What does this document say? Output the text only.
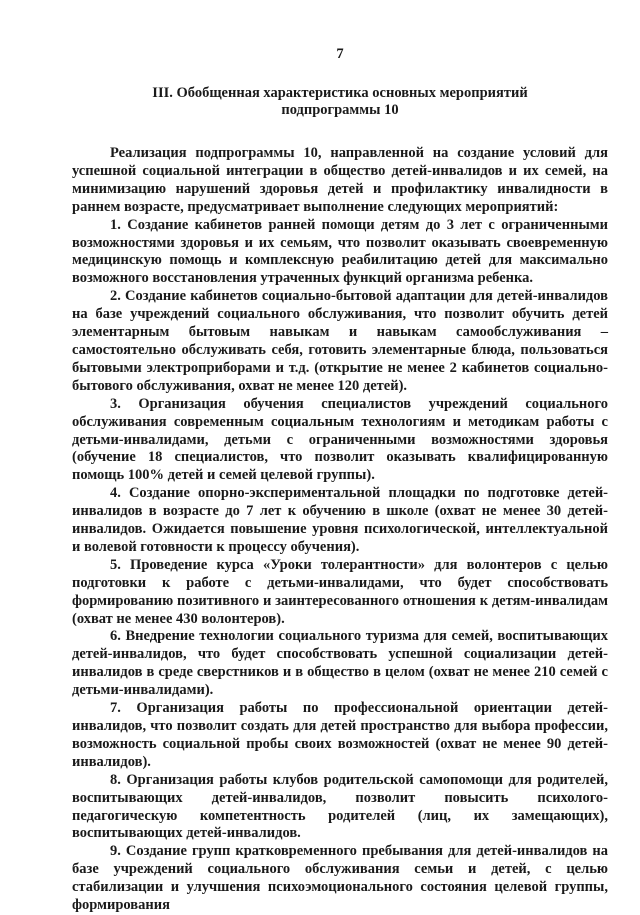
7
III. Обобщенная характеристика основных мероприятий
подпрограммы 10

Реализация подпрограммы 10, направленной на создание условий для успешной социальной интеграции в общество детей-инвалидов и их семей, на минимизацию нарушений здоровья детей и профилактику инвалидности в раннем возрасте, предусматривает выполнение следующих мероприятий:

1. Создание кабинетов ранней помощи детям до 3 лет с ограниченными возможностями здоровья и их семьям, что позволит оказывать своевременную медицинскую помощь и комплексную реабилитацию детей для максимально возможного восстановления утраченных функций организма ребенка.

2. Создание кабинетов социально-бытовой адаптации для детей-инвалидов на базе учреждений социального обслуживания, что позволит обучить детей элементарным бытовым навыкам и навыкам самообслуживания – самостоятельно обслуживать себя, готовить элементарные блюда, пользоваться бытовыми электроприборами и т.д. (открытие не менее 2 кабинетов социально-бытового обслуживания, охват не менее 120 детей).

3. Организация обучения специалистов учреждений социального обслуживания современным социальным технологиям и методикам работы с детьми-инвалидами, детьми с ограниченными возможностями здоровья (обучение 18 специалистов, что позволит оказывать квалифицированную помощь 100% детей и семей целевой группы).

4. Создание опорно-экспериментальной площадки по подготовке детей-инвалидов в возрасте до 7 лет к обучению в школе (охват не менее 30 детей-инвалидов. Ожидается повышение уровня психологической, интеллектуальной и волевой готовности к процессу обучения).

5. Проведение курса «Уроки толерантности» для волонтеров с целью подготовки к работе с детьми-инвалидами, что будет способствовать формированию позитивного и заинтересованного отношения к детям-инвалидам (охват не менее 430 волонтеров).

6. Внедрение технологии социального туризма для семей, воспитывающих детей-инвалидов, что будет способствовать успешной социализации детей-инвалидов в среде сверстников и в общество в целом (охват не менее 210 семей с детьми-инвалидами).

7. Организация работы по профессиональной ориентации детей-инвалидов, что позволит создать для детей пространство для выбора профессии, возможность социальной пробы своих возможностей (охват не менее 90 детей-инвалидов).

8. Организация работы клубов родительской самопомощи для родителей, воспитывающих детей-инвалидов, позволит повысить психолого-педагогическую компетентность родителей (лиц, их замещающих), воспитывающих детей-инвалидов.

9. Создание групп кратковременного пребывания для детей-инвалидов на базе учреждений социального обслуживания семьи и детей, с целью стабилизации и улучшения психоэмоционального состояния целевой группы, формирования
